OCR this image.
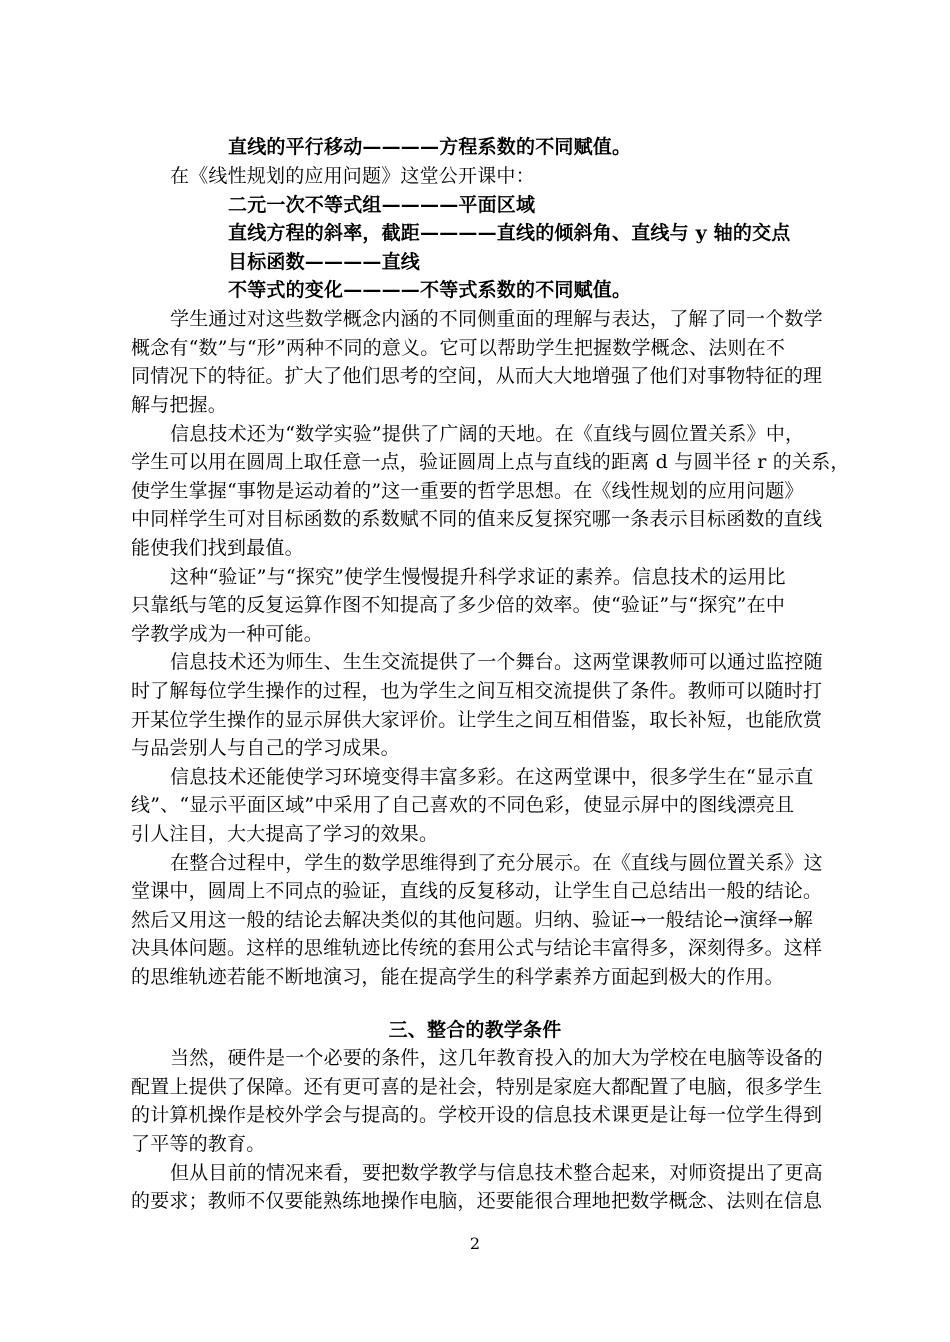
直线的平行移动————方程系数的不同赋值。
在《线性规划的应用问题》这堂公开课中：
二元一次不等式组————平面区域
直线方程的斜率，截距————直线的倾斜角、直线与 y 轴的交点
目标函数————直线
不等式的变化————不等式系数的不同赋值。
学生通过对这些数学概念内涵的不同侧重面的理解与表达，了解了同一个数学
概念有“数”与“形”两种不同的意义。它可以帮助学生把握数学概念、法则在不
同情况下的特征。扩大了他们思考的空间，从而大大地增强了他们对事物特征的理
解与把握。
信息技术还为“数学实验”提供了广阔的天地。在《直线与圆位置关系》中，
学生可以用在圆周上取任意一点，验证圆周上点与直线的距离 d 与圆半径 r 的关系，
使学生掌握“事物是运动着的”这一重要的哲学思想。在《线性规划的应用问题》
中同样学生可对目标函数的系数赋不同的值来反复探究哪一条表示目标函数的直线
能使我们找到最值。
这种“验证”与“探究”使学生慢慢提升科学求证的素养。信息技术的运用比
只靠纸与笔的反复运算作图不知提高了多少倍的效率。使“验证”与“探究”在中
学教学成为一种可能。
信息技术还为师生、生生交流提供了一个舞台。这两堂课教师可以通过监控随
时了解每位学生操作的过程，也为学生之间互相交流提供了条件。教师可以随时打
开某位学生操作的显示屏供大家评价。让学生之间互相借鉴，取长补短，也能欣赏
与品尝别人与自己的学习成果。
信息技术还能使学习环境变得丰富多彩。在这两堂课中，很多学生在“显示直
线”、“显示平面区域”中采用了自己喜欢的不同色彩，使显示屏中的图线漂亮且
引人注目，大大提高了学习的效果。
在整合过程中，学生的数学思维得到了充分展示。在《直线与圆位置关系》这
堂课中，圆周上不同点的验证，直线的反复移动，让学生自己总结出一般的结论。
然后又用这一般的结论去解决类似的其他问题。归纳、验证→一般结论→演绎→解
决具体问题。这样的思维轨迹比传统的套用公式与结论丰富得多，深刻得多。这样
的思维轨迹若能不断地演习，能在提高学生的科学素养方面起到极大的作用。
三、整合的教学条件
当然，硬件是一个必要的条件，这几年教育投入的加大为学校在电脑等设备的
配置上提供了保障。还有更可喜的是社会，特别是家庭大都配置了电脑，很多学生
的计算机操作是校外学会与提高的。学校开设的信息技术课更是让每一位学生得到
了平等的教育。
但从目前的情况来看，要把数学教学与信息技术整合起来，对师资提出了更高
的要求；教师不仅要能熟练地操作电脑，还要能很合理地把数学概念、法则在信息
2
